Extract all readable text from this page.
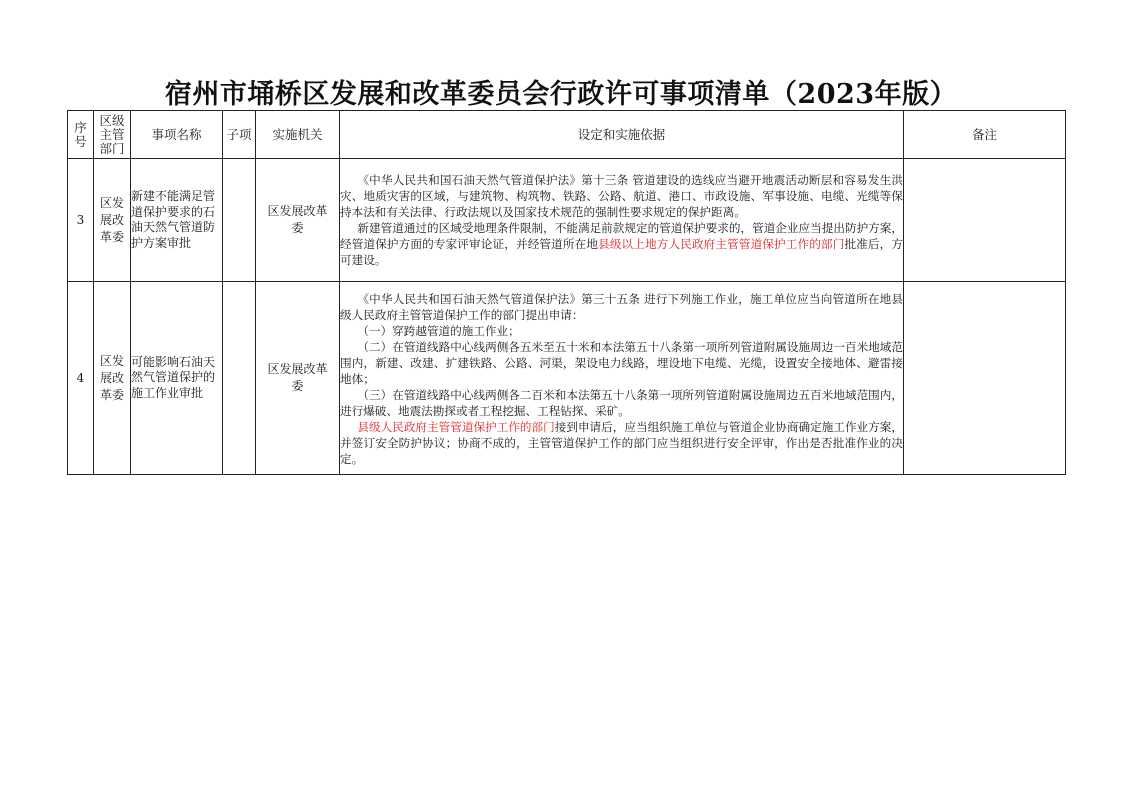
宿州市埇桥区发展和改革委员会行政许可事项清单（2023年版）
序号	区级主管部门	事项名称	子项	实施机关	设定和实施依据	备注
3	区发展改革委	新建不能满足管道保护要求的石油天然气管道防护方案审批		区发展改革委	《中华人民共和国石油天然气管道保护法》第十三条 管道建设的选线应当避开地震活动断层和容易发生洪灾、地质灾害的区域，与建筑物、构筑物、铁路、公路、航道、港口、市政设施、军事设施、电缆、光缆等保持本法和有关法律、行政法规以及国家技术规范的强制性要求规定的保护距离。

新建管道通过的区域受地理条件限制，不能满足前款规定的管道保护要求的，管道企业应当提出防护方案，经管道保护方面的专家评审论证，并经管道所在地县级以上地方人民政府主管管道保护工作的部门批准后，方可建设。	

4	区发展改革委	可能影响石油天然气管道保护的施工作业审批		区发展改革委	《中华人民共和国石油天然气管道保护法》第三十五条 进行下列施工作业，施工单位应当向管道所在地县级人民政府主管管道保护工作的部门提出申请：

（一）穿跨越管道的施工作业；

（二）在管道线路中心线两侧各五米至五十米和本法第五十八条第一项所列管道附属设施周边一百米地域范围内，新建、改建、扩建铁路、公路、河渠，架设电力线路，埋设地下电缆、光缆，设置安全接地体、避雷接地体；

（三）在管道线路中心线两侧各二百米和本法第五十八条第一项所列管道附属设施周边五百米地域范围内，进行爆破、地震法勘探或者工程挖掘、工程钻探、采矿。

县级人民政府主管管道保护工作的部门接到申请后，应当组织施工单位与管道企业协商确定施工作业方案，并签订安全防护协议；协商不成的，主管管道保护工作的部门应当组织进行安全评审，作出是否批准作业的决定。	
